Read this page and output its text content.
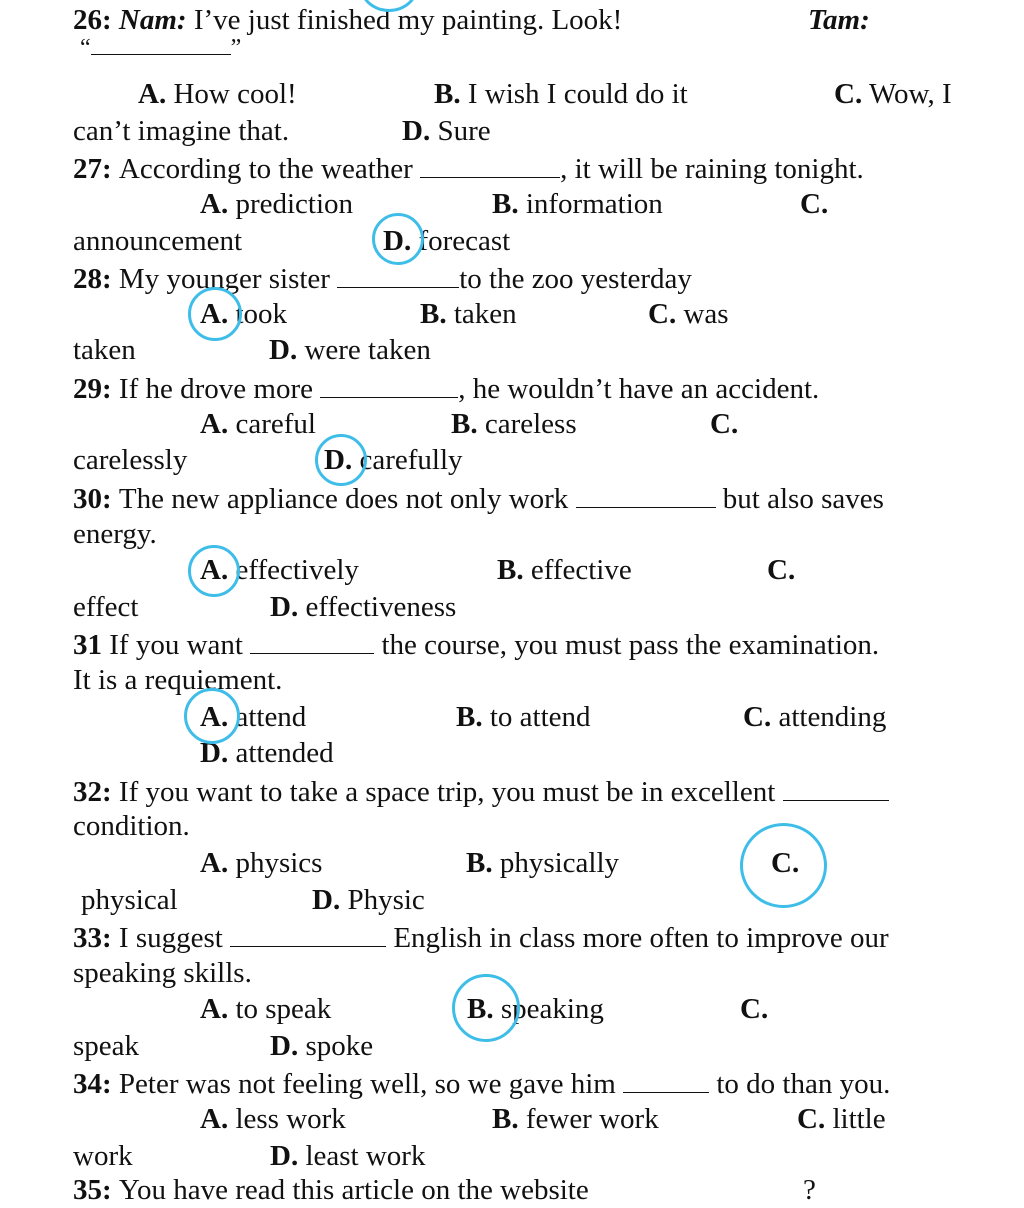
26: Nam: I’ve just finished my painting. Look!	Tam:
“	”
A. How cool!	B. I wish I could do it	C. Wow, I
can’t imagine that.	D. Sure
27: According to the weather	, it will be raining tonight.
A. prediction	B. information	C.
announcement	D. forecast
28: My younger sister	to the zoo yesterday
A. took	B. taken	C. was
taken	D. were taken
29: If he drove more	, he wouldn’t have an accident.
A. careful	B. careless	C.
carelessly	D. carefully
30: The new appliance does not only work	but also saves
energy.
A. effectively	B. effective	C.
effect	D. effectiveness
31 If you want	the course, you must pass the examination.
It is a requiement.
A. attend	B. to attend	C. attending
D. attended
32: If you want to take a space trip, you must be in excellent
condition.
A. physics	B. physically	C.
physical	D. Physic
33: I suggest	English in class more often to improve our
speaking skills.
A. to speak	B. speaking	C.
speak	D. spoke
34: Peter was not feeling well, so we gave him	to do than you.
A. less work	B. fewer work	C. little
work	D. least work
35: You have read this article on the website	?
